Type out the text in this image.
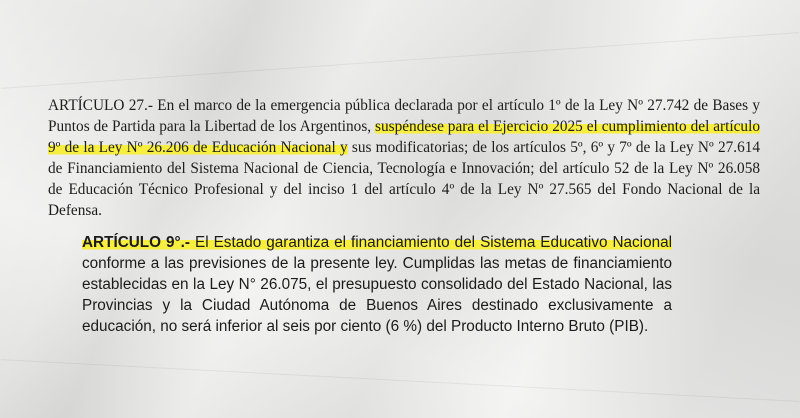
ARTÍCULO 27.- En el marco de la emergencia pública declarada por el artículo 1º de la Ley Nº 27.742 de Bases y Puntos de Partida para la Libertad de los Argentinos, suspéndese para el Ejercicio 2025 el cumplimiento del artículo 9º de la Ley Nº 26.206 de Educación Nacional y sus modificatorias; de los artículos 5º, 6º y 7º de la Ley Nº 27.614 de Financiamiento del Sistema Nacional de Ciencia, Tecnología e Innovación; del artículo 52 de la Ley Nº 26.058 de Educación Técnico Profesional y del inciso 1 del artículo 4º de la Ley Nº 27.565 del Fondo Nacional de la Defensa.

ARTÍCULO 9°.- El Estado garantiza el financiamiento del Sistema Educativo Nacional conforme a las previsiones de la presente ley. Cumplidas las metas de financiamiento establecidas en la Ley N° 26.075, el presupuesto consolidado del Estado Nacional, las Provincias y la Ciudad Autónoma de Buenos Aires destinado exclusivamente a educación, no será inferior al seis por ciento (6 %) del Producto Interno Bruto (PIB).
